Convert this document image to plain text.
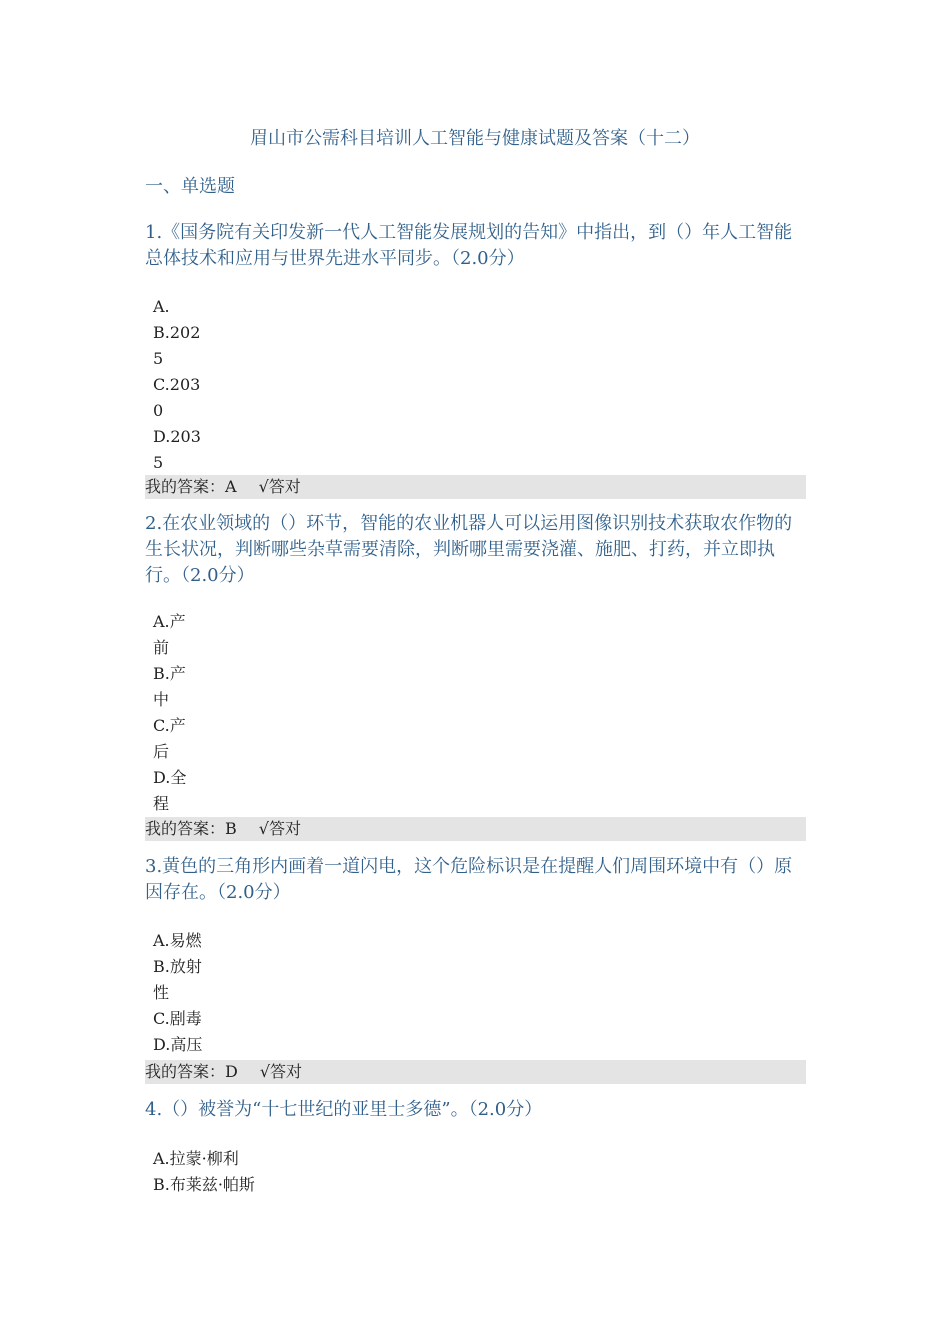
眉山市公需科目培训人工智能与健康试题及答案（十二）
一、单选题
1.《国务院有关印发新一代人工智能发展规划的告知》中指出，到（）年人工智能总体技术和应用与世界先进水平同步。（2.0分）
A.
B.202
5
C.203
0
D.203
5
我的答案：A √答对
2.在农业领域的（）环节，智能的农业机器人可以运用图像识别技术获取农作物的生长状况，判断哪些杂草需要清除，判断哪里需要浇灌、施肥、打药，并立即执行。（2.0分）
A.产
前
B.产
中
C.产
后
D.全
程
我的答案：B √答对
3.黄色的三角形内画着一道闪电，这个危险标识是在提醒人们周围环境中有（）原因存在。（2.0分）
A.易燃
B.放射
性
C.剧毒
D.高压
我的答案：D √答对
4.（）被誉为“十七世纪的亚里士多德”。（2.0分）
A.拉蒙·柳利
B.布莱兹·帕斯
